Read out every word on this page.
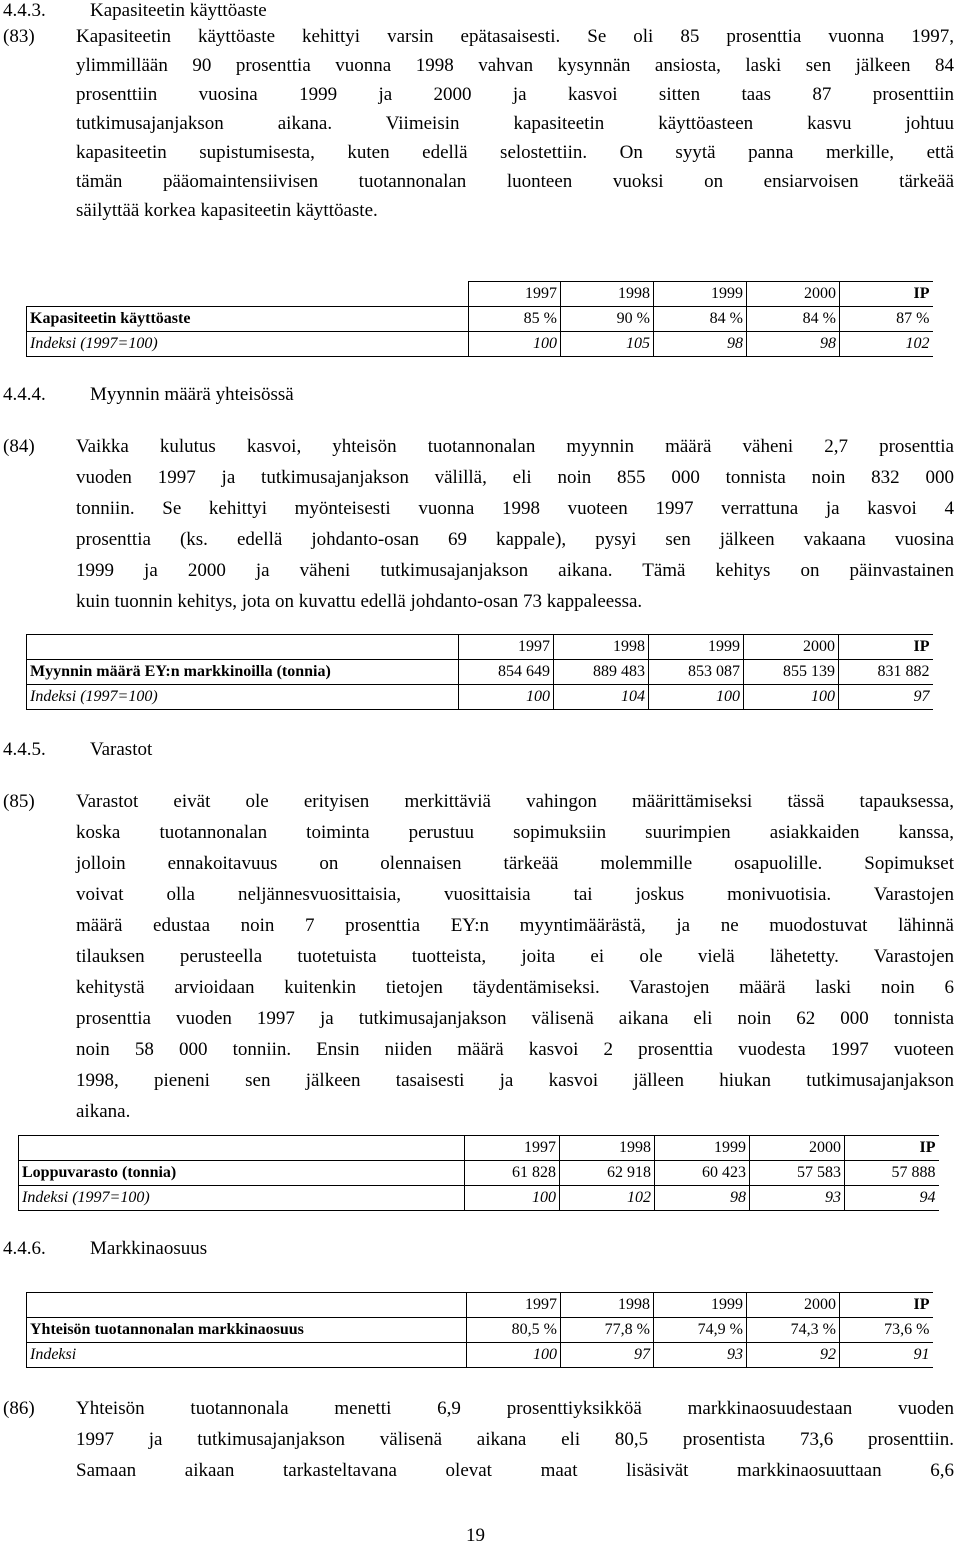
4.4.3. Kapasiteetin käyttöaste
(83) Kapasiteetin käyttöaste kehittyi varsin epätasaisesti. Se oli 85 prosenttia vuonna 1997,
ylimmillään 90 prosenttia vuonna 1998 vahvan kysynnän ansiosta, laski sen jälkeen 84
prosenttiin vuosina 1999 ja 2000 ja kasvoi sitten taas 87 prosenttiin
tutkimusajanjakson aikana. Viimeisin kapasiteetin käyttöasteen kasvu johtuu
kapasiteetin supistumisesta, kuten edellä selostettiin. On syytä panna merkille, että
tämän pääomaintensiivisen tuotannonalan luonteen vuoksi on ensiarvoisen tärkeää
säilyttää korkea kapasiteetin käyttöaste.
	1997	1998	1999	2000	IP
Kapasiteetin käyttöaste	85 %	90 %	84 %	84 %	87 %
Indeksi (1997=100)	100	105	98	98	102
4.4.4. Myynnin määrä yhteisössä
(84) Vaikka kulutus kasvoi, yhteisön tuotannonalan myynnin määrä väheni 2,7 prosenttia
vuoden 1997 ja tutkimusajanjakson välillä, eli noin 855 000 tonnista noin 832 000
tonniin. Se kehittyi myönteisesti vuonna 1998 vuoteen 1997 verrattuna ja kasvoi 4
prosenttia (ks. edellä johdanto-osan 69 kappale), pysyi sen jälkeen vakaana vuosina
1999 ja 2000 ja väheni tutkimusajanjakson aikana. Tämä kehitys on päinvastainen
kuin tuonnin kehitys, jota on kuvattu edellä johdanto-osan 73 kappaleessa.
	1997	1998	1999	2000	IP
Myynnin määrä EY:n markkinoilla (tonnia)	854 649	889 483	853 087	855 139	831 882
Indeksi (1997=100)	100	104	100	100	97
4.4.5. Varastot
(85) Varastot eivät ole erityisen merkittäviä vahingon määrittämiseksi tässä tapauksessa,
koska tuotannonalan toiminta perustuu sopimuksiin suurimpien asiakkaiden kanssa,
jolloin ennakoitavuus on olennaisen tärkeää molemmille osapuolille. Sopimukset
voivat olla neljännesvuosittaisia, vuosittaisia tai joskus monivuotisia. Varastojen
määrä edustaa noin 7 prosenttia EY:n myyntimäärästä, ja ne muodostuvat lähinnä
tilauksen perusteella tuotetuista tuotteista, joita ei ole vielä lähetetty. Varastojen
kehitystä arvioidaan kuitenkin tietojen täydentämiseksi. Varastojen määrä laski noin 6
prosenttia vuoden 1997 ja tutkimusajanjakson välisenä aikana eli noin 62 000 tonnista
noin 58 000 tonniin. Ensin niiden määrä kasvoi 2 prosenttia vuodesta 1997 vuoteen
1998, pieneni sen jälkeen tasaisesti ja kasvoi jälleen hiukan tutkimusajanjakson
aikana.
	1997	1998	1999	2000	IP
Loppuvarasto (tonnia)	61 828	62 918	60 423	57 583	57 888
Indeksi (1997=100)	100	102	98	93	94
4.4.6. Markkinaosuus
	1997	1998	1999	2000	IP
Yhteisön tuotannonalan markkinaosuus	80,5 %	77,8 %	74,9 %	74,3 %	73,6 %
Indeksi	100	97	93	92	91
(86) Yhteisön tuotannonala menetti 6,9 prosenttiyksikköä markkinaosuudestaan vuoden
1997 ja tutkimusajanjakson välisenä aikana eli 80,5 prosentista 73,6 prosenttiin.
Samaan aikaan tarkasteltavana olevat maat lisäsivät markkinaosuuttaan 6,6
19
